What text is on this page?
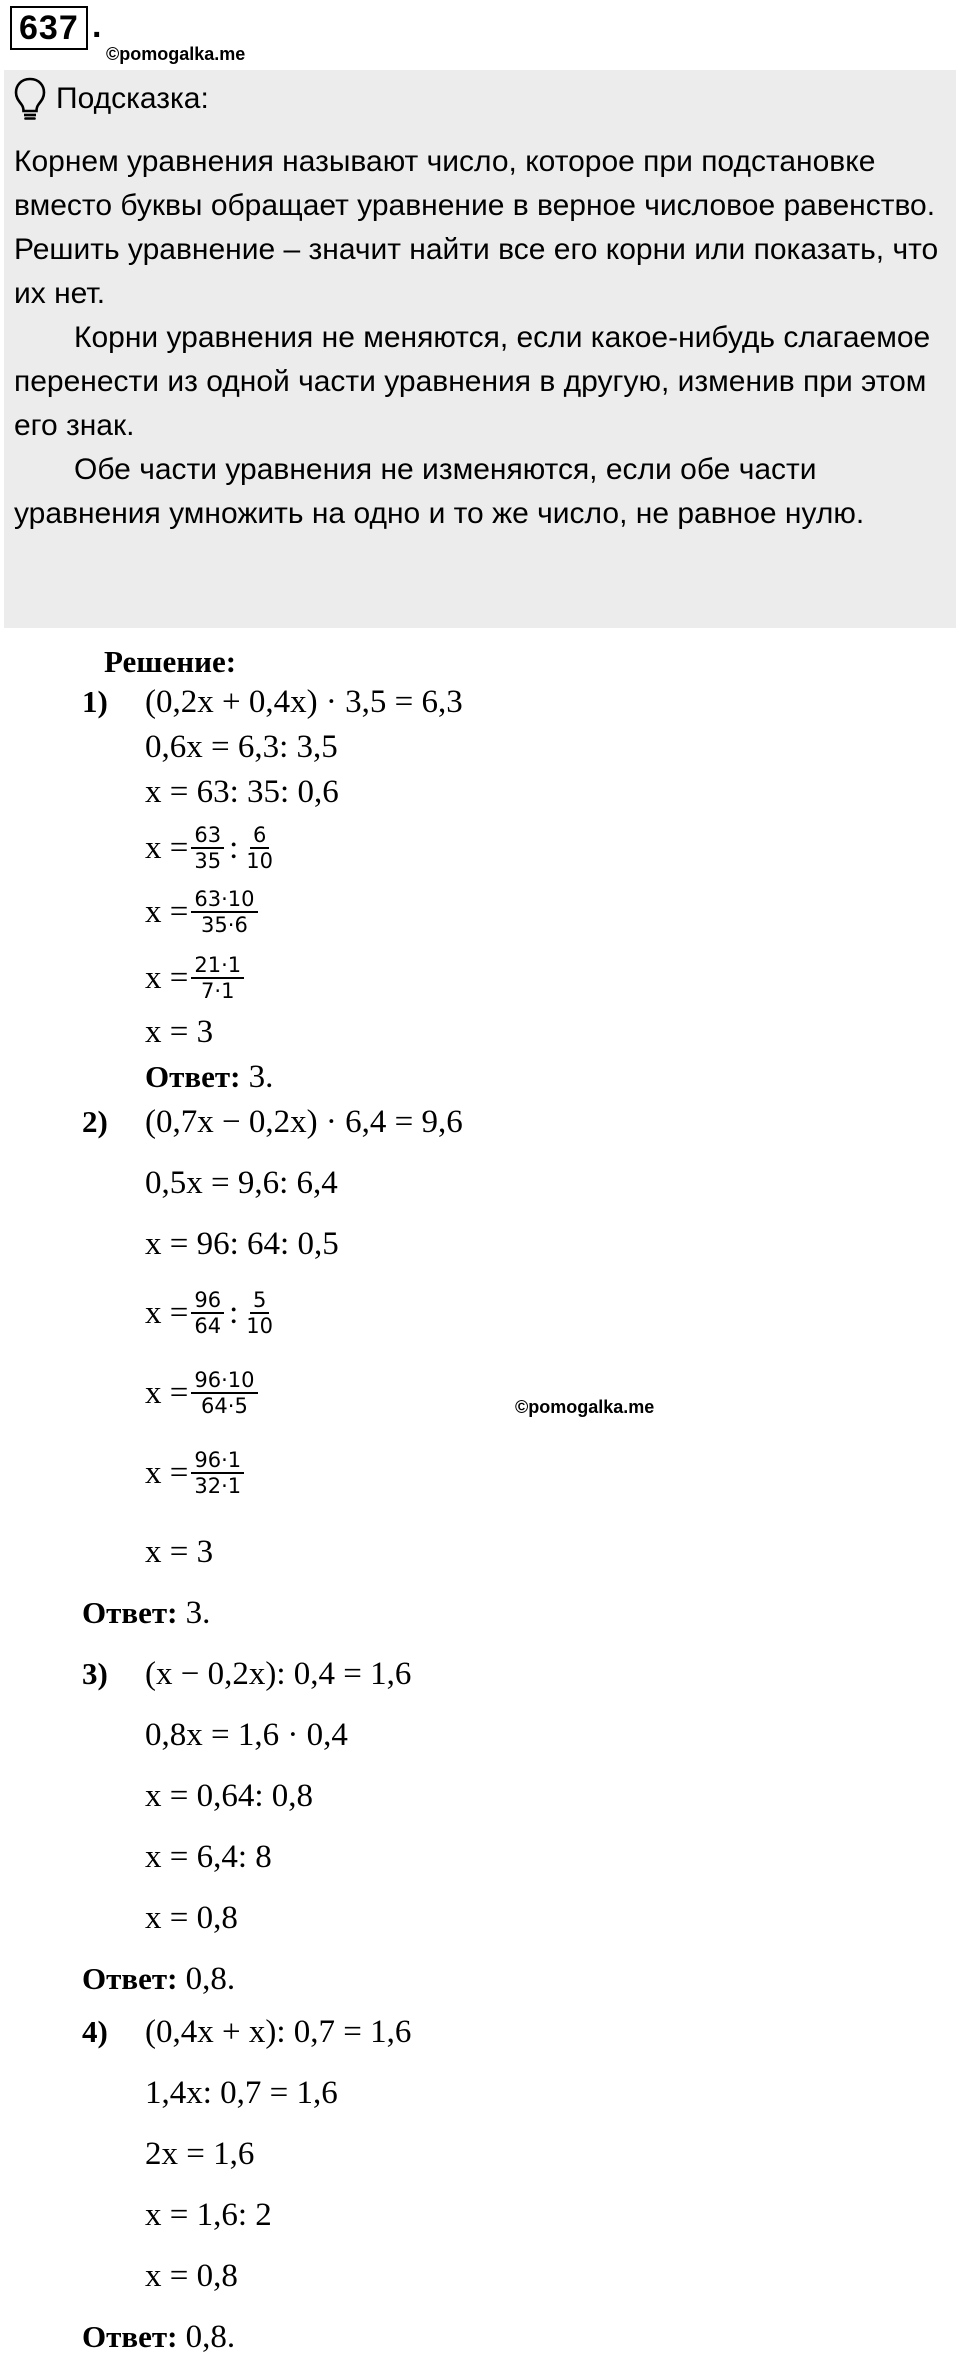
637 .
©pomogalka.me
Подсказка:

Корнем уравнения называют число, которое при подстановке вместо буквы обращает уравнение в верное числовое равенство.

Решить уравнение – значит найти все его корни или показать, что их нет.

Корни уравнения не меняются, если какое-нибудь слагаемое перенести из одной части уравнения в другую, изменив при этом его знак.

Обе части уравнения не изменяются, если обе части уравнения умножить на одно и то же число, не равное нулю.

Решение:
1) (0,2x + 0,4x) · 3,5 = 6,3
0,6x = 6,3: 3,5
x = 63: 35: 0,6
$x = \frac{63}{35}$ : $\frac{6}{10}$
$x = \frac{63\cdot 10}{35\cdot 6}$
$x = \frac{21\cdot 1}{7\cdot 1}$
x = 3
Ответ: 3.
2) (0,7x − 0,2x) · 6,4 = 9,6
0,5x = 9,6: 6,4
x = 96: 64: 0,5
$x = \frac{96}{64}$ : $\frac{5}{10}$
$x = \frac{96\cdot 10}{64\cdot 5}$
$x = \frac{96\cdot 1}{32\cdot 1}$
x = 3
Ответ: 3.
3) (x − 0,2x): 0,4 = 1,6
0,8x = 1,6 · 0,4
x = 0,64: 0,8
x = 6,4: 8
x = 0,8
Ответ: 0,8.
4) (0,4x + x): 0,7 = 1,6
1,4x: 0,7 = 1,6
2x = 1,6
x = 1,6: 2
x = 0,8
Ответ: 0,8.
©pomogalka.me
